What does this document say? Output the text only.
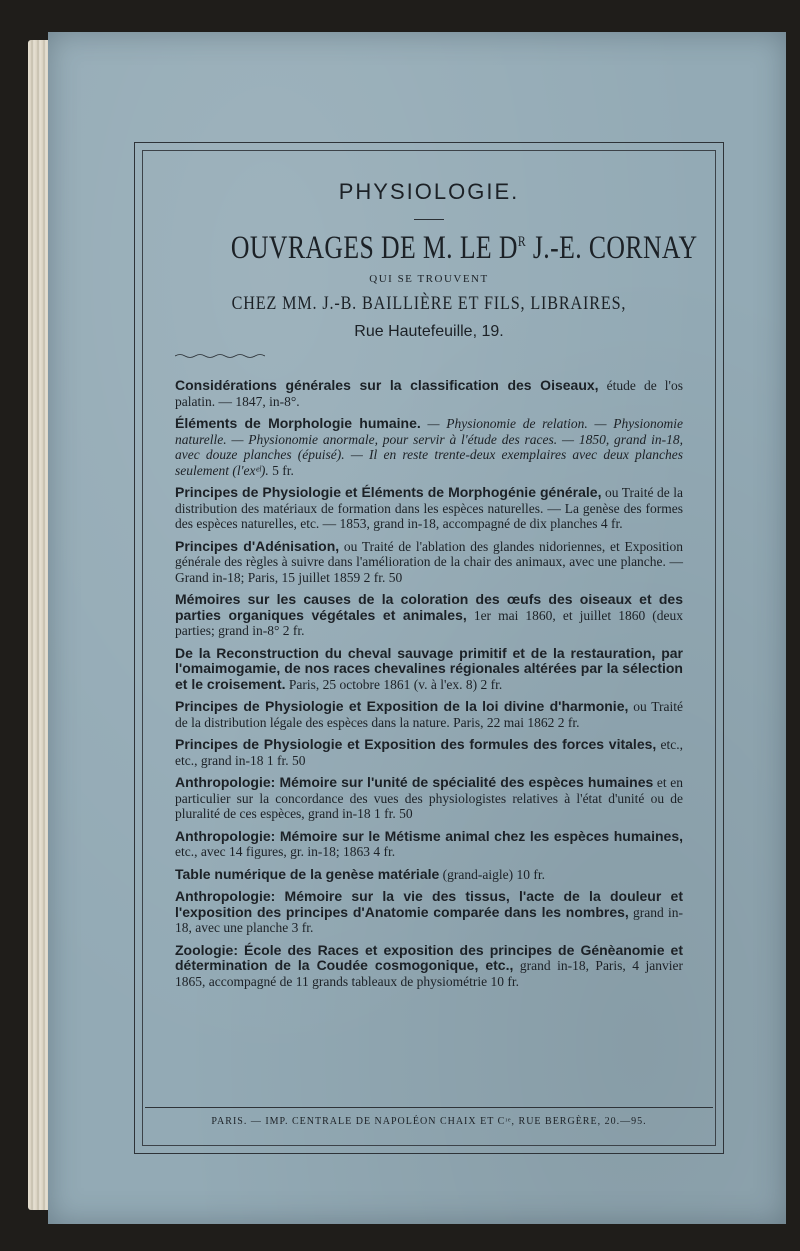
PHYSIOLOGIE.
OUVRAGES DE M. LE $D^R$ J.-E. CORNAY
QUI SE TROUVENT
CHEZ MM. J.-B. BAILLIÈRE ET FILS, LIBRAIRES,
Rue Hautefeuille, 19.
Considérations générales sur la classification des Oiseaux, étude de l'os palatin. — 1847, in-8°.
Éléments de Morphologie humaine. — Physionomie de relation. — Physionomie naturelle. — Physionomie anormale, pour servir à l'étude des races. — 1850, grand in-18, avec douze planches (épuisé). — Il en reste trente-deux exemplaires avec deux planches seulement (l'exᵉˡ). 5 fr.
Principes de Physiologie et Éléments de Morphogénie générale, ou Traité de la distribution des matériaux de formation dans les espèces naturelles. — La genèse des formes des espèces naturelles, etc. — 1853, grand in-18, accompagné de dix planches 4 fr.
Principes d'Adénisation, ou Traité de l'ablation des glandes nidoriennes, et Exposition générale des règles à suivre dans l'amélioration de la chair des animaux, avec une planche. — Grand in-18; Paris, 15 juillet 1859 2 fr. 50
Mémoires sur les causes de la coloration des œufs des oiseaux et des parties organiques végétales et animales, 1er mai 1860, et juillet 1860 (deux parties; grand in-8° 2 fr.
De la Reconstruction du cheval sauvage primitif et de la restauration, par l'omaimogamie, de nos races chevalines régionales altérées par la sélection et le croisement. Paris, 25 octobre 1861 (v. à l'ex. 8) 2 fr.
Principes de Physiologie et Exposition de la loi divine d'harmonie, ou Traité de la distribution légale des espèces dans la nature. Paris, 22 mai 1862 2 fr.
Principes de Physiologie et Exposition des formules des forces vitales, etc., etc., grand in-18 1 fr. 50
Anthropologie: Mémoire sur l'unité de spécialité des espèces humaines et en particulier sur la concordance des vues des physiologistes relatives à l'état d'unité ou de pluralité de ces espèces, grand in-18 1 fr. 50
Anthropologie: Mémoire sur le Métisme animal chez les espèces humaines, etc., avec 14 figures, gr. in-18; 1863 4 fr.
Table numérique de la genèse matériale (grand-aigle) 10 fr.
Anthropologie: Mémoire sur la vie des tissus, l'acte de la douleur et l'exposition des principes d'Anatomie comparée dans les nombres, grand in-18, avec une planche 3 fr.
Zoologie: École des Races et exposition des principes de Génèanomie et détermination de la Coudée cosmogonique, etc., grand in-18, Paris, 4 janvier 1865, accompagné de 11 grands tableaux de physiométrie 10 fr.
PARIS. — IMP. CENTRALE DE NAPOLÉON CHAIX ET Cᶦᵉ, RUE BERGÈRE, 20.—95.
